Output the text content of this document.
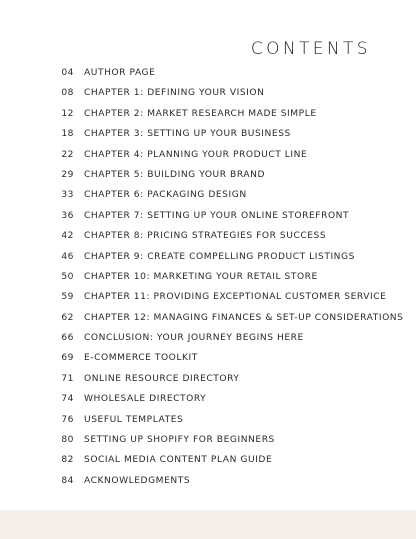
CONTENTS
04 AUTHOR PAGE
08 CHAPTER 1: DEFINING YOUR VISION
12 CHAPTER 2: MARKET RESEARCH MADE SIMPLE
18 CHAPTER 3: SETTING UP YOUR BUSINESS
22 CHAPTER 4: PLANNING YOUR PRODUCT LINE
29 CHAPTER 5: BUILDING YOUR BRAND
33 CHAPTER 6: PACKAGING DESIGN
36 CHAPTER 7: SETTING UP YOUR ONLINE STOREFRONT
42 CHAPTER 8: PRICING STRATEGIES FOR SUCCESS
46 CHAPTER 9: CREATE COMPELLING PRODUCT LISTINGS
50 CHAPTER 10: MARKETING YOUR RETAIL STORE
59 CHAPTER 11: PROVIDING EXCEPTIONAL CUSTOMER SERVICE
62 CHAPTER 12: MANAGING FINANCES & SET-UP CONSIDERATIONS
66 CONCLUSION: YOUR JOURNEY BEGINS HERE
69 E-COMMERCE TOOLKIT
71 ONLINE RESOURCE DIRECTORY
74 WHOLESALE DIRECTORY
76 USEFUL TEMPLATES
80 SETTING UP SHOPIFY FOR BEGINNERS
82 SOCIAL MEDIA CONTENT PLAN GUIDE
84 ACKNOWLEDGMENTS
